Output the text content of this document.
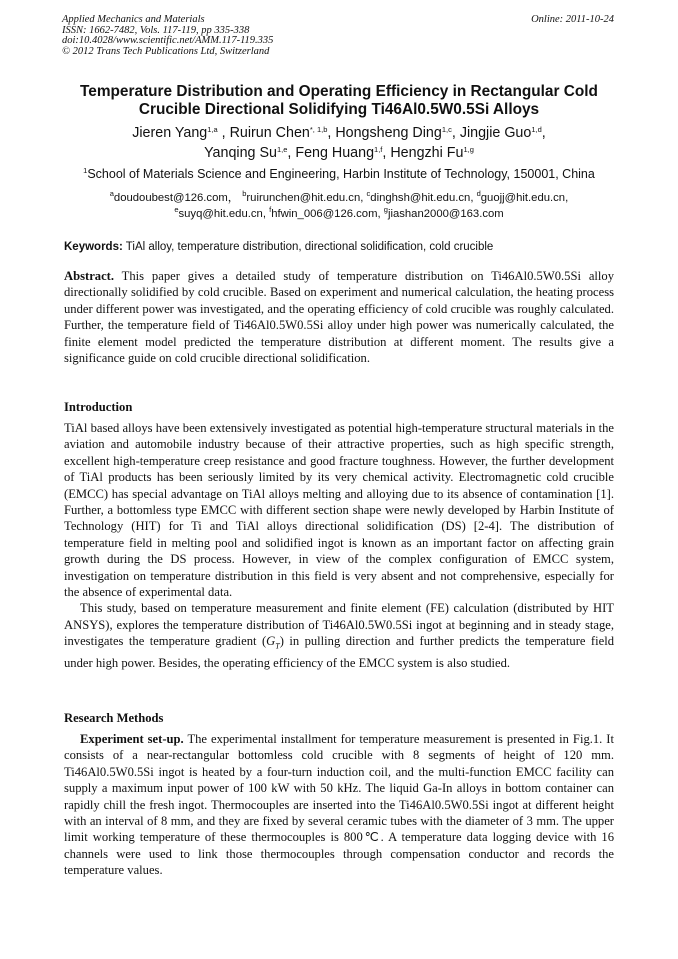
Applied Mechanics and Materials	Online: 2011-10-24
ISSN: 1662-7482, Vols. 117-119, pp 335-338
doi:10.4028/www.scientific.net/AMM.117-119.335
© 2012 Trans Tech Publications Ltd, Switzerland
Temperature Distribution and Operating Efficiency in Rectangular Cold Crucible Directional Solidifying Ti46Al0.5W0.5Si Alloys
Jieren Yang$^{1,a}$ , Ruirun Chen$^{*, 1,b}$, Hongsheng Ding$^{1,c}$, Jingjie Guo$^{1,d}$,
Yanqing Su$^{1,e}$, Feng Huang$^{1,f}$, Hengzhi Fu$^{1,g}$
$^1$School of Materials Science and Engineering, Harbin Institute of Technology, 150001, China
$^a$doudoubest@126.com， $^b$ruirunchen@hit.edu.cn, $^c$dinghsh@hit.edu.cn, $^d$guojj@hit.edu.cn,
$^e$suyq@hit.edu.cn, $^f$hfwin_006@126.com, $^g$jiashan2000@163.com
Keywords: TiAl alloy, temperature distribution, directional solidification, cold crucible

Abstract. This paper gives a detailed study of temperature distribution on Ti46Al0.5W0.5Si alloy directionally solidified by cold crucible. Based on experiment and numerical calculation, the heating process under different power was investigated, and the operating efficiency of cold crucible was roughly calculated. Further, the temperature field of Ti46Al0.5W0.5Si alloy under high power was numerically calculated, the finite element model predicted the temperature distribution at different moment. The results give a significance guide on cold crucible directional solidification.

Introduction

TiAl based alloys have been extensively investigated as potential high-temperature structural materials in the aviation and automobile industry because of their attractive properties, such as high specific strength, excellent high-temperature creep resistance and good fracture toughness. However, the further development of TiAl products has been seriously limited by its very chemical activity. Electromagnetic cold crucible (EMCC) has special advantage on TiAl alloys melting and alloying due to its absence of contamination [1]. Further, a bottomless type EMCC with different section shape were newly developed by Harbin Institute of Technology (HIT) for Ti and TiAl alloys directional solidification (DS) [2-4]. The distribution of temperature field in melting pool and solidified ingot is known as an important factor on affecting grain growth during the DS process. However, in view of the complex configuration of EMCC system, investigation on temperature distribution in this field is very absent and not comprehensive, especially for the absence of experimental data.

This study, based on temperature measurement and finite element (FE) calculation (distributed by HIT ANSYS), explores the temperature distribution of Ti46Al0.5W0.5Si ingot at beginning and in steady stage, investigates the temperature gradient $(G_T)$ in pulling direction and further predicts the temperature field under high power. Besides, the operating efficiency of the EMCC system is also studied.

Research Methods

Experiment set-up. The experimental installment for temperature measurement is presented in Fig.1. It consists of a near-rectangular bottomless cold crucible with 8 segments of height of 120 mm. Ti46Al0.5W0.5Si ingot is heated by a four-turn induction coil, and the multi-function EMCC facility can supply a maximum input power of 100 kW with 50 kHz. The liquid Ga-In alloys in bottom container can rapidly chill the fresh ingot. Thermocouples are inserted into the Ti46Al0.5W0.5Si ingot at different height with an interval of 8 mm, and they are fixed by several ceramic tubes with the diameter of 3 mm. The upper limit working temperature of these thermocouples is 800℃. A temperature data logging device with 16 channels were used to link those thermocouples through compensation conductor and records the temperature values.
